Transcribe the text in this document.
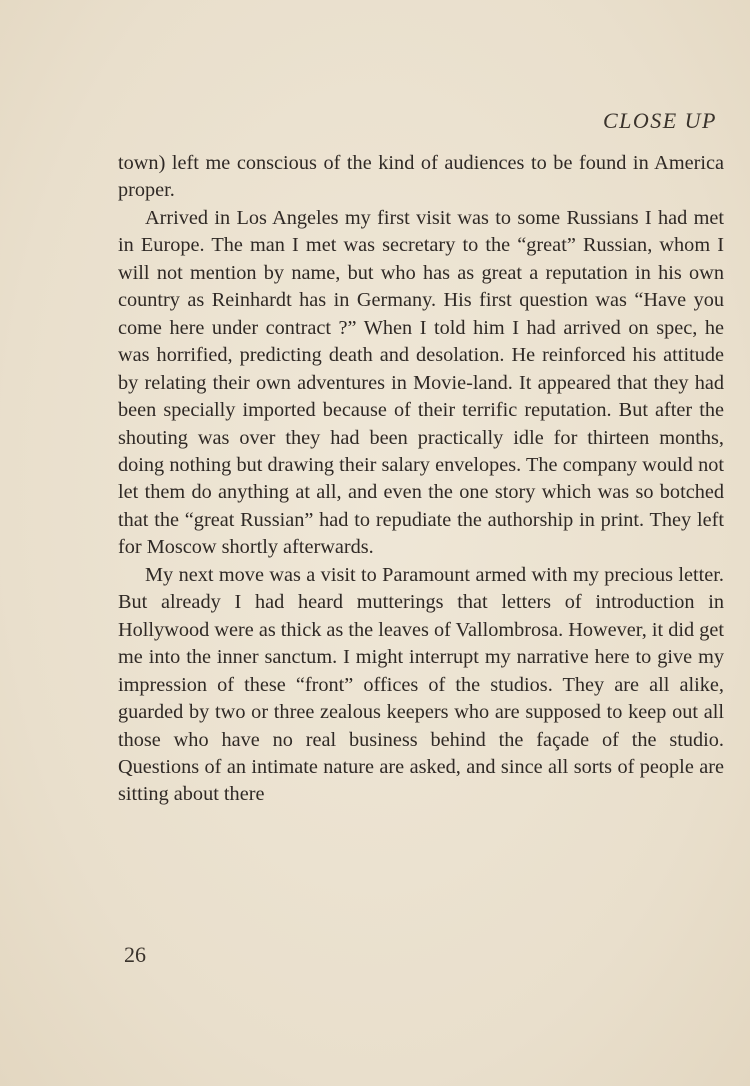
CLOSE UP

town) left me conscious of the kind of audiences to be found in America proper.

Arrived in Los Angeles my first visit was to some Russians I had met in Europe. The man I met was secretary to the “great” Russian, whom I will not mention by name, but who has as great a reputation in his own country as Reinhardt has in Germany. His first question was “Have you come here under contract ?” When I told him I had arrived on spec, he was horrified, predicting death and desolation. He reinforced his attitude by relating their own adventures in Movie-land. It appeared that they had been specially imported because of their terrific reputation. But after the shouting was over they had been practically idle for thirteen months, doing nothing but drawing their salary envelopes. The company would not let them do anything at all, and even the one story which was so botched that the “great Russian” had to repudiate the authorship in print. They left for Moscow shortly afterwards.

My next move was a visit to Paramount armed with my precious letter. But already I had heard mutterings that letters of introduction in Hollywood were as thick as the leaves of Vallombrosa. However, it did get me into the inner sanctum. I might interrupt my narrative here to give my impression of these “front” offices of the studios. They are all alike, guarded by two or three zealous keepers who are supposed to keep out all those who have no real business behind the façade of the studio. Questions of an intimate nature are asked, and since all sorts of people are sitting about there

26
